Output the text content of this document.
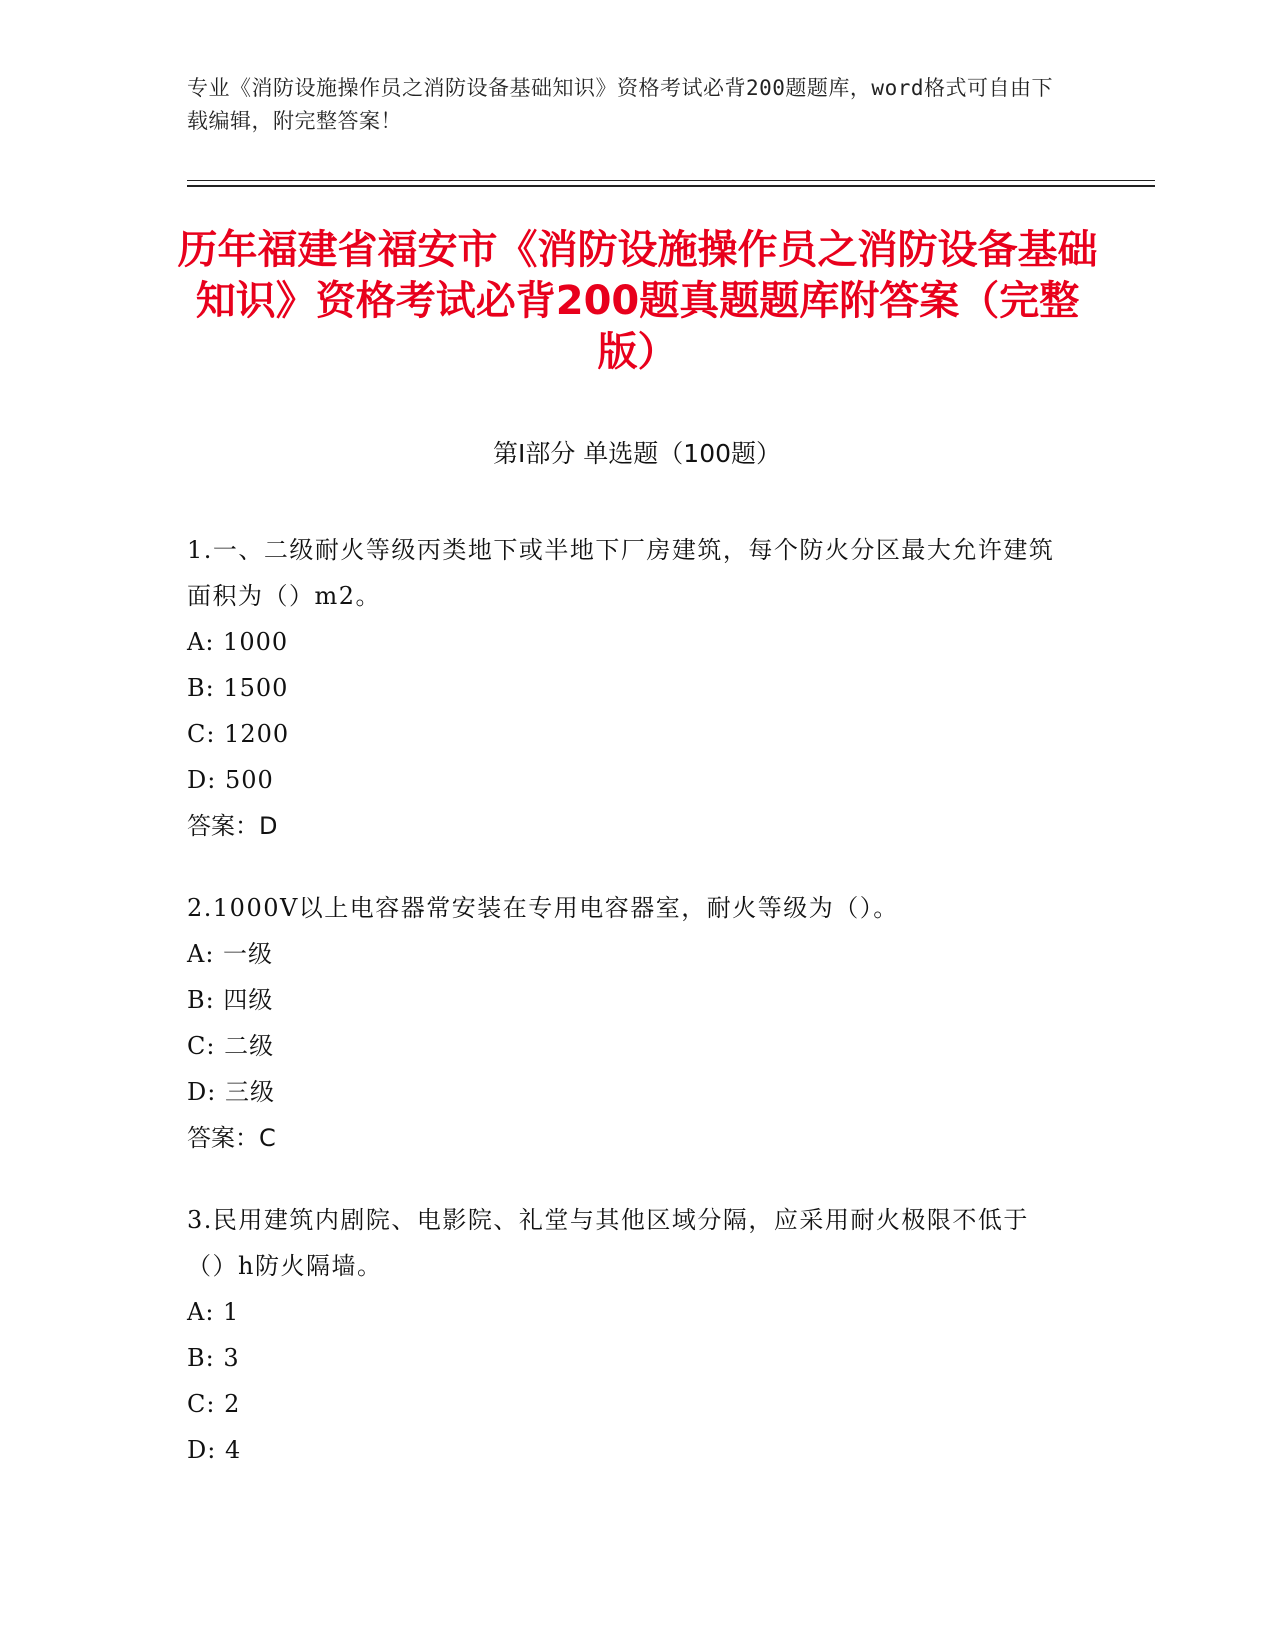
专业《消防设施操作员之消防设备基础知识》资格考试必背200题题库，word格式可自由下载编辑，附完整答案！
历年福建省福安市《消防设施操作员之消防设备基础知识》资格考试必背200题真题题库附答案（完整版）
第Ⅰ部分 单选题（100题）
1.一、二级耐火等级丙类地下或半地下厂房建筑，每个防火分区最大允许建筑面积为（）m2。
A: 1000
B: 1500
C: 1200
D: 500
答案：D
2.1000V以上电容器常安装在专用电容器室，耐火等级为（）。
A: 一级
B: 四级
C: 二级
D: 三级
答案：C
3.民用建筑内剧院、电影院、礼堂与其他区域分隔，应采用耐火极限不低于（）h防火隔墙。
A: 1
B: 3
C: 2
D: 4
